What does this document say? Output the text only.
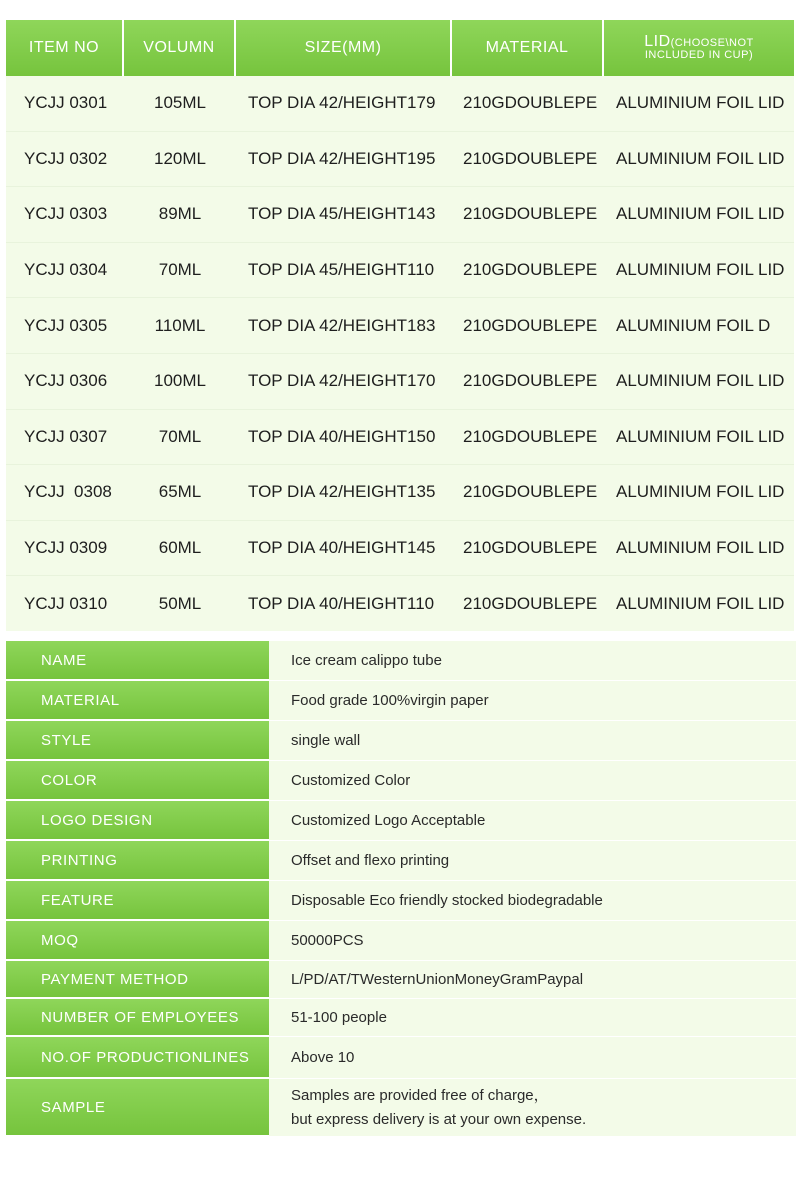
ITEM NO	VOLUMN	SIZE(MM)	MATERIAL	LID(CHOOSE\NOT
INCLUDED IN CUP)
YCJJ 0301	105ML	TOP DIA 42/HEIGHT179	210GDOUBLEPE	ALUMINIUM FOIL LID
YCJJ 0302	120ML	TOP DIA 42/HEIGHT195	210GDOUBLEPE	ALUMINIUM FOIL LID
YCJJ 0303	89ML	TOP DIA 45/HEIGHT143	210GDOUBLEPE	ALUMINIUM FOIL LID
YCJJ 0304	70ML	TOP DIA 45/HEIGHT110	210GDOUBLEPE	ALUMINIUM FOIL LID
YCJJ 0305	110ML	TOP DIA 42/HEIGHT183	210GDOUBLEPE	ALUMINIUM FOIL D
YCJJ 0306	100ML	TOP DIA 42/HEIGHT170	210GDOUBLEPE	ALUMINIUM FOIL LID
YCJJ 0307	70ML	TOP DIA 40/HEIGHT150	210GDOUBLEPE	ALUMINIUM FOIL LID
YCJJ  0308	65ML	TOP DIA 42/HEIGHT135	210GDOUBLEPE	ALUMINIUM FOIL LID
YCJJ 0309	60ML	TOP DIA 40/HEIGHT145	210GDOUBLEPE	ALUMINIUM FOIL LID
YCJJ 0310	50ML	TOP DIA 40/HEIGHT110	210GDOUBLEPE	ALUMINIUM FOIL LID
NAME	Ice cream calippo tube
MATERIAL	Food grade 100%virgin paper
STYLE	single wall
COLOR	Customized Color
LOGO DESIGN	Customized Logo Acceptable
PRINTING	Offset and flexo printing
FEATURE	Disposable Eco friendly stocked biodegradable
MOQ	50000PCS
PAYMENT METHOD	L/PD/AT/TWesternUnionMoneyGramPaypal
NUMBER OF EMPLOYEES	51-100 people
NO.OF PRODUCTIONLINES	Above 10
SAMPLE
Samples are provided free of charge，
but express delivery is at your own expense.
